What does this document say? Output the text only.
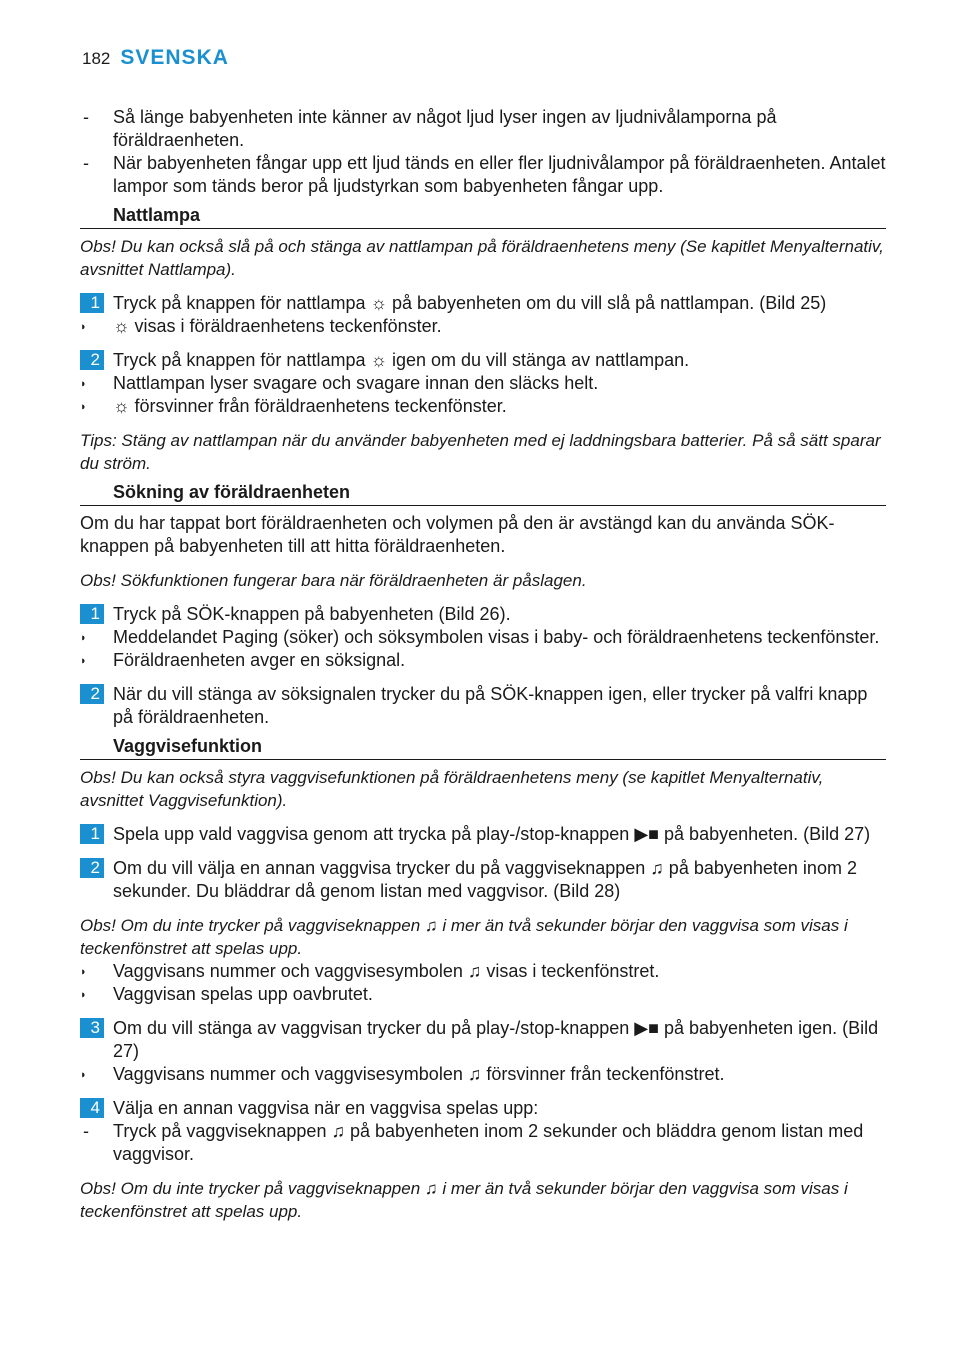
182 SVENSKA
-	Så länge babyenheten inte känner av något ljud lyser ingen av ljudnivålamporna på föräldraenheten.
-	När babyenheten fångar upp ett ljud tänds en eller fler ljudnivålampor på föräldraenheten. Antalet lampor som tänds beror på ljudstyrkan som babyenheten fångar upp.
Nattlampa
Obs! Du kan också slå på och stänga av nattlampan på föräldraenhetens meny (Se kapitlet Menyalternativ, avsnittet Nattlampa).
1 Tryck på knappen för nattlampa ☼ på babyenheten om du vill slå på nattlampan. (Bild 25)
◗	☼ visas i föräldraenhetens teckenfönster.
2 Tryck på knappen för nattlampa ☼ igen om du vill stänga av nattlampan.
◗	Nattlampan lyser svagare och svagare innan den släcks helt.
◗	☼ försvinner från föräldraenhetens teckenfönster.
Tips: Stäng av nattlampan när du använder babyenheten med ej laddningsbara batterier. På så sätt sparar du ström.
Sökning av föräldraenheten
Om du har tappat bort föräldraenheten och volymen på den är avstängd kan du använda SÖK-knappen på babyenheten till att hitta föräldraenheten.
Obs! Sökfunktionen fungerar bara när föräldraenheten är påslagen.
1 Tryck på SÖK-knappen på babyenheten (Bild 26).
◗	Meddelandet Paging (söker) och söksymbolen visas i baby- och föräldraenhetens teckenfönster.
◗	Föräldraenheten avger en söksignal.
2 När du vill stänga av söksignalen trycker du på SÖK-knappen igen, eller trycker på valfri knapp på föräldraenheten.
Vaggvisefunktion
Obs! Du kan också styra vaggvisefunktionen på föräldraenhetens meny (se kapitlet Menyalternativ, avsnittet Vaggvisefunktion).
1 Spela upp vald vaggvisa genom att trycka på play-/stop-knappen ▶■ på babyenheten. (Bild 27)
2 Om du vill välja en annan vaggvisa trycker du på vaggviseknappen ♫ på babyenheten inom 2 sekunder. Du bläddrar då genom listan med vaggvisor. (Bild 28)
Obs! Om du inte trycker på vaggviseknappen ♫ i mer än två sekunder börjar den vaggvisa som visas i teckenfönstret att spelas upp.
◗	Vaggvisans nummer och vaggvisesymbolen ♫ visas i teckenfönstret.
◗	Vaggvisan spelas upp oavbrutet.
3 Om du vill stänga av vaggvisan trycker du på play-/stop-knappen ▶■ på babyenheten igen. (Bild 27)
◗	Vaggvisans nummer och vaggvisesymbolen ♫ försvinner från teckenfönstret.
4 Välja en annan vaggvisa när en vaggvisa spelas upp:
-	Tryck på vaggviseknappen ♫ på babyenheten inom 2 sekunder och bläddra genom listan med vaggvisor.
Obs! Om du inte trycker på vaggviseknappen ♫ i mer än två sekunder börjar den vaggvisa som visas i teckenfönstret att spelas upp.
